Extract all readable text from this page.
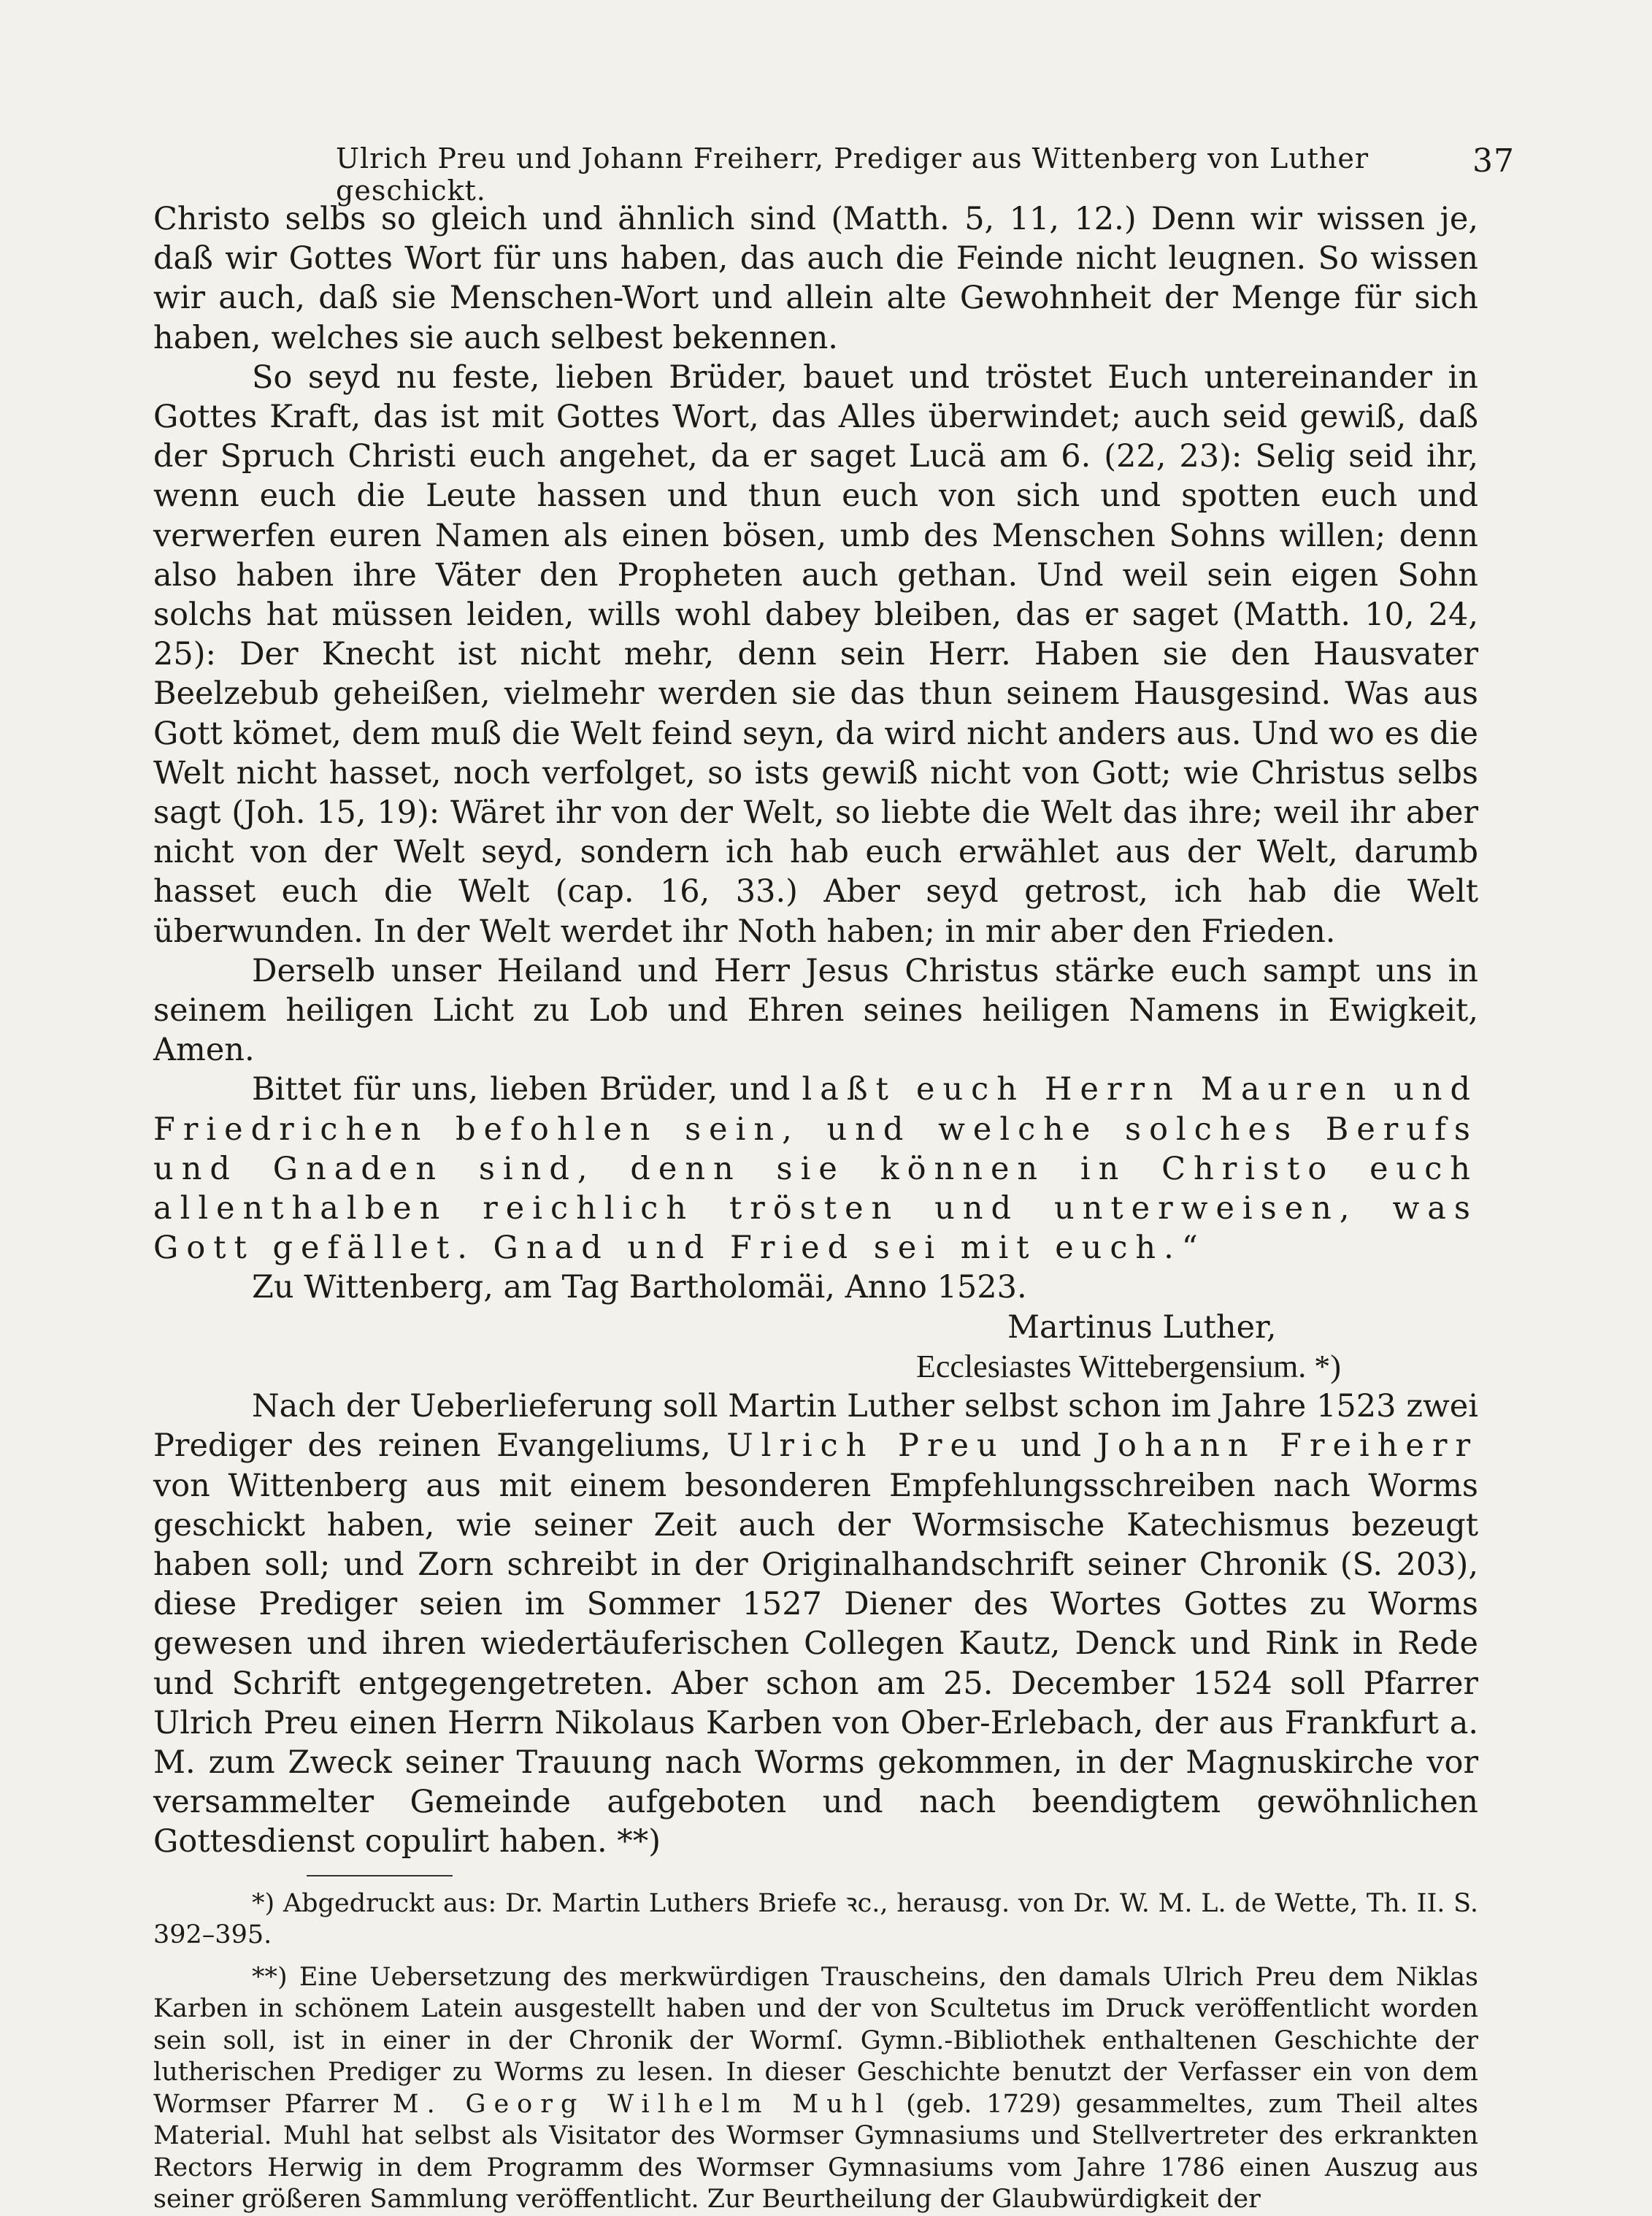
Ulrich Preu und Johann Freiherr, Prediger aus Wittenberg von Luther geschickt.
37

Christo selbs so gleich und ähnlich sind (Matth. 5, 11, 12.) Denn wir wissen je, daß wir Gottes Wort für uns haben, das auch die Feinde nicht leugnen. So wissen wir auch, daß sie Menschen-Wort und allein alte Gewohnheit der Menge für sich haben, welches sie auch selbest bekennen.

So seyd nu feste, lieben Brüder, bauet und tröstet Euch untereinander in Gottes Kraft, das ist mit Gottes Wort, das Alles überwindet; auch seid gewiß, daß der Spruch Christi euch angehet, da er saget Lucä am 6. (22, 23): Selig seid ihr, wenn euch die Leute hassen und thun euch von sich und spotten euch und verwerfen euren Namen als einen bösen, umb des Menschen Sohns willen; denn also haben ihre Väter den Propheten auch gethan. Und weil sein eigen Sohn solchs hat müssen leiden, wills wohl dabey bleiben, das er saget (Matth. 10, 24, 25): Der Knecht ist nicht mehr, denn sein Herr. Haben sie den Hausvater Beelzebub geheißen, vielmehr werden sie das thun seinem Hausgesind. Was aus Gott kömet, dem muß die Welt feind seyn, da wird nicht anders aus. Und wo es die Welt nicht hasset, noch verfolget, so ists gewiß nicht von Gott; wie Christus selbs sagt (Joh. 15, 19): Wäret ihr von der Welt, so liebte die Welt das ihre; weil ihr aber nicht von der Welt seyd, sondern ich hab euch erwählet aus der Welt, darumb hasset euch die Welt (cap. 16, 33.) Aber seyd getrost, ich hab die Welt überwunden. In der Welt werdet ihr Noth haben; in mir aber den Frieden.

Derselb unser Heiland und Herr Jesus Christus stärke euch sampt uns in seinem heiligen Licht zu Lob und Ehren seines heiligen Namens in Ewigkeit, Amen.

Bittet für uns, lieben Brüder, und laßt euch Herrn Mauren und Friedrichen befohlen sein, und welche solches Berufs und Gnaden sind, denn sie können in Christo euch allenthalben reichlich trösten und unterweisen, was Gott gefället. Gnad und Fried sei mit euch.“

Zu Wittenberg, am Tag Bartholomäi, Anno 1523.
Martinus Luther,
Ecclesiastes Wittebergensium. *)

Nach der Ueberlieferung soll Martin Luther selbst schon im Jahre 1523 zwei Prediger des reinen Evangeliums, Ulrich Preu und Johann Freiherr von Wittenberg aus mit einem besonderen Empfehlungsschreiben nach Worms geschickt haben, wie seiner Zeit auch der Wormsische Katechismus bezeugt haben soll; und Zorn schreibt in der Originalhandschrift seiner Chronik (S. 203), diese Prediger seien im Sommer 1527 Diener des Wortes Gottes zu Worms gewesen und ihren wiedertäuferischen Collegen Kautz, Denck und Rink in Rede und Schrift entgegengetreten. Aber schon am 25. December 1524 soll Pfarrer Ulrich Preu einen Herrn Nikolaus Karben von Ober-Erlebach, der aus Frankfurt a. M. zum Zweck seiner Trauung nach Worms gekommen, in der Magnuskirche vor versammelter Gemeinde aufgeboten und nach beendigtem gewöhnlichen Gottesdienst copulirt haben. **)

*) Abgedruckt aus: Dr. Martin Luthers Briefe ꝛc., herausg. von Dr. W. M. L. de Wette, Th. II. S. 392–395.

**) Eine Uebersetzung des merkwürdigen Trauscheins, den damals Ulrich Preu dem Niklas Karben in schönem Latein ausgestellt haben und der von Scultetus im Druck veröffentlicht worden sein soll, ist in einer in der Chronik der Wormſ. Gymn.-Bibliothek enthaltenen Geschichte der lutherischen Prediger zu Worms zu lesen. In dieser Geschichte benutzt der Verfasser ein von dem Wormser Pfarrer M. Georg Wilhelm Muhl (geb. 1729) gesammeltes, zum Theil altes Material. Muhl hat selbst als Visitator des Wormser Gymnasiums und Stellvertreter des erkrankten Rectors Herwig in dem Programm des Wormser Gymnasiums vom Jahre 1786 einen Auszug aus seiner größeren Sammlung veröffentlicht. Zur Beurtheilung der Glaubwürdigkeit der
